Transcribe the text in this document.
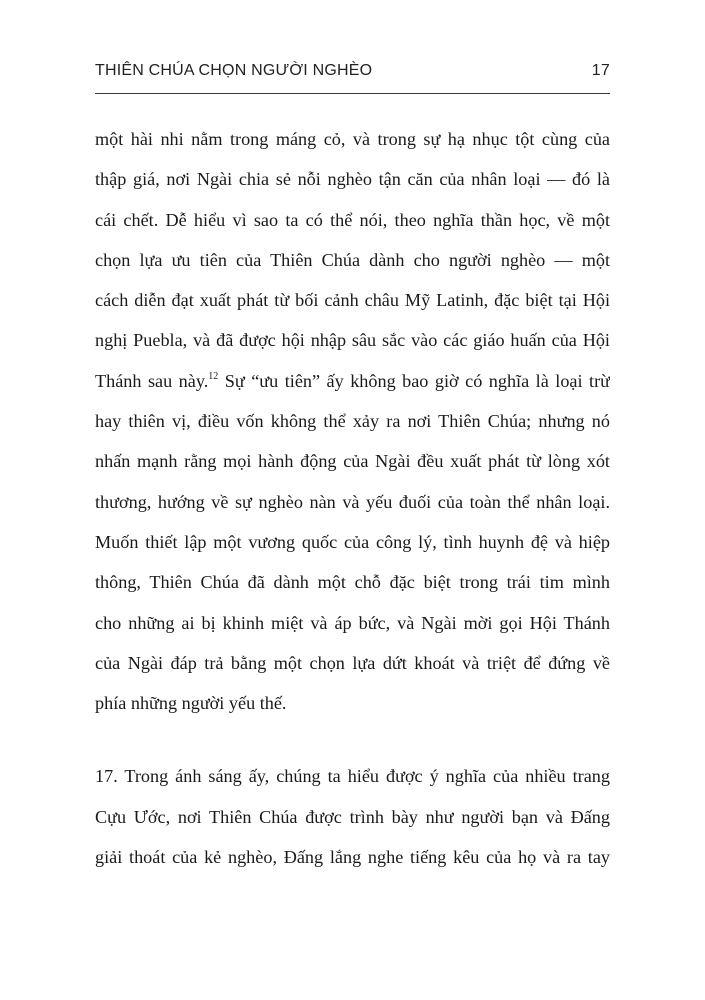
THIÊN CHÚA CHỌN NGƯỜI NGHÈO	17
một hài nhi nằm trong máng cỏ, và trong sự hạ nhục tột cùng của
thập giá, nơi Ngài chia sẻ nỗi nghèo tận căn của nhân loại — đó là
cái chết. Dễ hiểu vì sao ta có thể nói, theo nghĩa thần học, về một
chọn lựa ưu tiên của Thiên Chúa dành cho người nghèo — một
cách diễn đạt xuất phát từ bối cảnh châu Mỹ Latinh, đặc biệt tại Hội
nghị Puebla, và đã được hội nhập sâu sắc vào các giáo huấn của Hội
Thánh sau này.$^{12}$ Sự “ưu tiên” ấy không bao giờ có nghĩa là loại trừ
hay thiên vị, điều vốn không thể xảy ra nơi Thiên Chúa; nhưng nó
nhấn mạnh rằng mọi hành động của Ngài đều xuất phát từ lòng xót
thương, hướng về sự nghèo nàn và yếu đuối của toàn thể nhân loại.
Muốn thiết lập một vương quốc của công lý, tình huynh đệ và hiệp
thông, Thiên Chúa đã dành một chỗ đặc biệt trong trái tim mình
cho những ai bị khinh miệt và áp bức, và Ngài mời gọi Hội Thánh
của Ngài đáp trả bằng một chọn lựa dứt khoát và triệt để đứng về
phía những người yếu thế.
17. Trong ánh sáng ấy, chúng ta hiểu được ý nghĩa của nhiều trang
Cựu Ước, nơi Thiên Chúa được trình bày như người bạn và Đấng
giải thoát của kẻ nghèo, Đấng lắng nghe tiếng kêu của họ và ra tay
